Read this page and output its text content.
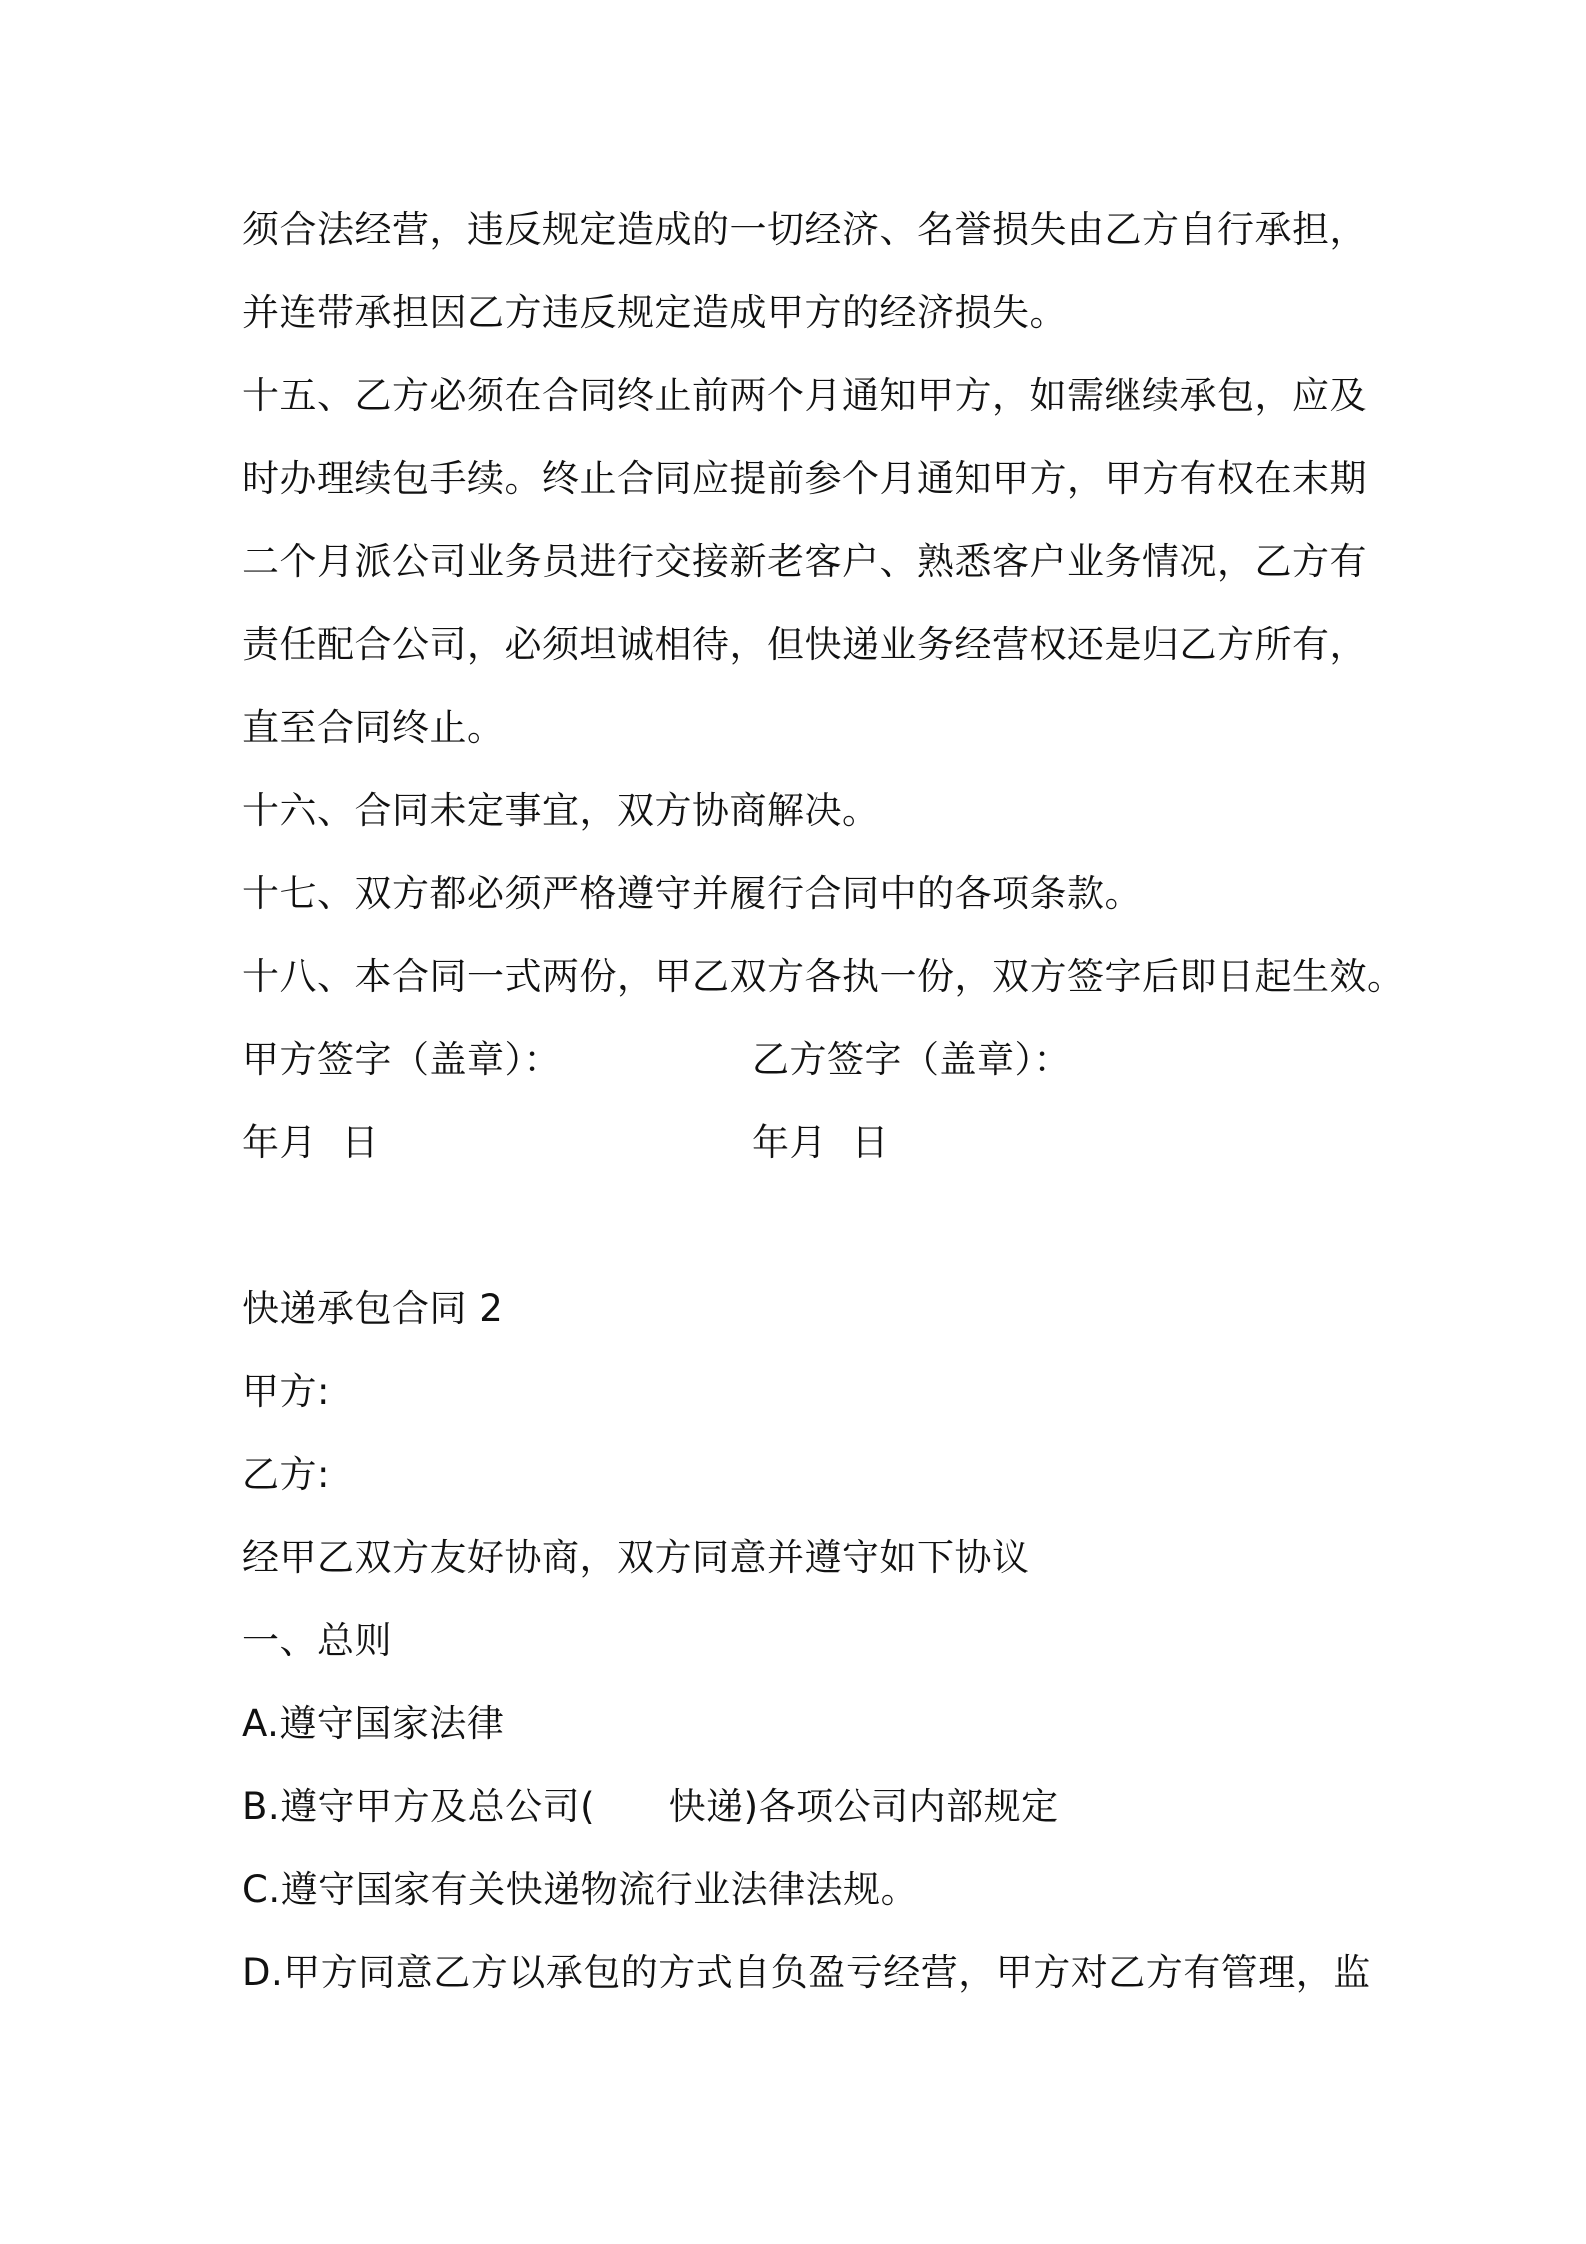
须合法经营，违反规定造成的一切经济、名誉损失由乙方自行承担，

并连带承担因乙方违反规定造成甲方的经济损失。

十五、乙方必须在合同终止前两个月通知甲方，如需继续承包，应及

时办理续包手续。终止合同应提前参个月通知甲方，甲方有权在末期

二个月派公司业务员进行交接新老客户、熟悉客户业务情况，乙方有

责任配合公司，必须坦诚相待，但快递业务经营权还是归乙方所有，

直至合同终止。

十六、合同未定事宜，双方协商解决。

十七、双方都必须严格遵守并履行合同中的各项条款。

十八、本合同一式两份，甲乙双方各执一份，双方签字后即日起生效。

甲方签字（盖章）：	乙方签字（盖章）：

年月  日	年月  日

快递承包合同 2

甲方:

乙方:

经甲乙双方友好协商，双方同意并遵守如下协议

一、总则

A.遵守国家法律

B.遵守甲方及总公司(      快递)各项公司内部规定

C.遵守国家有关快递物流行业法律法规。

D.甲方同意乙方以承包的方式自负盈亏经营，甲方对乙方有管理，监
